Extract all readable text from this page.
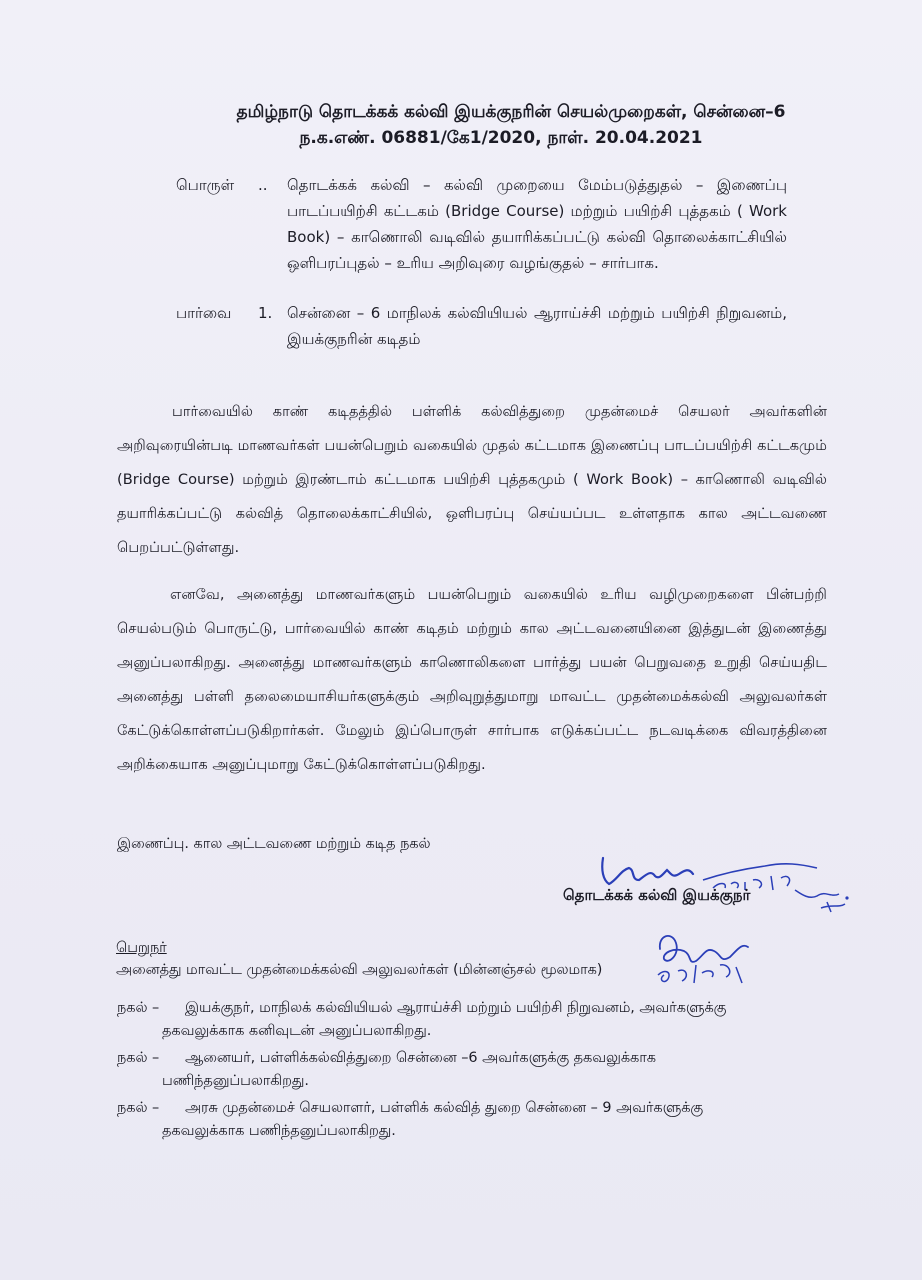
தமிழ்நாடு தொடக்கக் கல்வி இயக்குநரின் செயல்முறைகள், சென்னை–6
ந.க.எண். 06881/கே1/2020, நாள். 20.04.2021
பொருள் .. தொடக்கக் கல்வி – கல்வி முறையை மேம்படுத்துதல் – இணைப்பு பாடப்பயிற்சி கட்டகம் (Bridge Course) மற்றும் பயிற்சி புத்தகம் ( Work Book) – காணொலி வடிவில் தயாரிக்கப்பட்டு கல்வி தொலைக்காட்சியில் ஒளிபரப்புதல் – உரிய அறிவுரை வழங்குதல் – சார்பாக.
பார்வை 1. சென்னை – 6 மாநிலக் கல்வியியல் ஆராய்ச்சி மற்றும் பயிற்சி நிறுவனம், இயக்குநரின் கடிதம்
பார்வையில் காண் கடிதத்தில் பள்ளிக் கல்வித்துறை முதன்மைச் செயலர் அவர்களின் அறிவுரையின்படி மாணவர்கள் பயன்பெறும் வகையில் முதல் கட்டமாக இணைப்பு பாடப்பயிற்சி கட்டகமும் (Bridge Course) மற்றும் இரண்டாம் கட்டமாக பயிற்சி புத்தகமும் ( Work Book) – காணொலி வடிவில் தயாரிக்கப்பட்டு கல்வித் தொலைக்காட்சியில், ஒளிபரப்பு செய்யப்பட உள்ளதாக கால அட்டவணை பெறப்பட்டுள்ளது.
எனவே, அனைத்து மாணவர்களும் பயன்பெறும் வகையில் உரிய வழிமுறைகளை பின்பற்றி செயல்படும் பொருட்டு, பார்வையில் காண் கடிதம் மற்றும் கால அட்டவனையினை இத்துடன் இணைத்து அனுப்பலாகிறது. அனைத்து மாணவர்களும் காணொலிகளை பார்த்து பயன் பெறுவதை உறுதி செய்யதிட அனைத்து பள்ளி தலைமையாசியர்களுக்கும் அறிவுறுத்துமாறு மாவட்ட முதன்மைக்கல்வி அலுவலர்கள் கேட்டுக்கொள்ளப்படுகிறார்கள். மேலும் இப்பொருள் சார்பாக எடுக்கப்பட்ட நடவடிக்கை விவரத்தினை அறிக்கையாக அனுப்புமாறு கேட்டுக்கொள்ளப்படுகிறது.
இணைப்பு. கால அட்டவணை மற்றும் கடித நகல்
தொடக்கக் கல்வி இயக்குநர்
பெறுநர்
அனைத்து மாவட்ட முதன்மைக்கல்வி அலுவலர்கள் (மின்னஞ்சல் மூலமாக)
நகல் – இயக்குநர், மாநிலக் கல்வியியல் ஆராய்ச்சி மற்றும் பயிற்சி நிறுவனம், அவர்களுக்கு
தகவலுக்காக கனிவுடன் அனுப்பலாகிறது.
நகல் – ஆனையர், பள்ளிக்கல்வித்துறை சென்னை –6 அவர்களுக்கு தகவலுக்காக
பணிந்தனுப்பலாகிறது.
நகல் – அரசு முதன்மைச் செயலாளர், பள்ளிக் கல்வித் துறை சென்னை – 9 அவர்களுக்கு
தகவலுக்காக பணிந்தனுப்பலாகிறது.
